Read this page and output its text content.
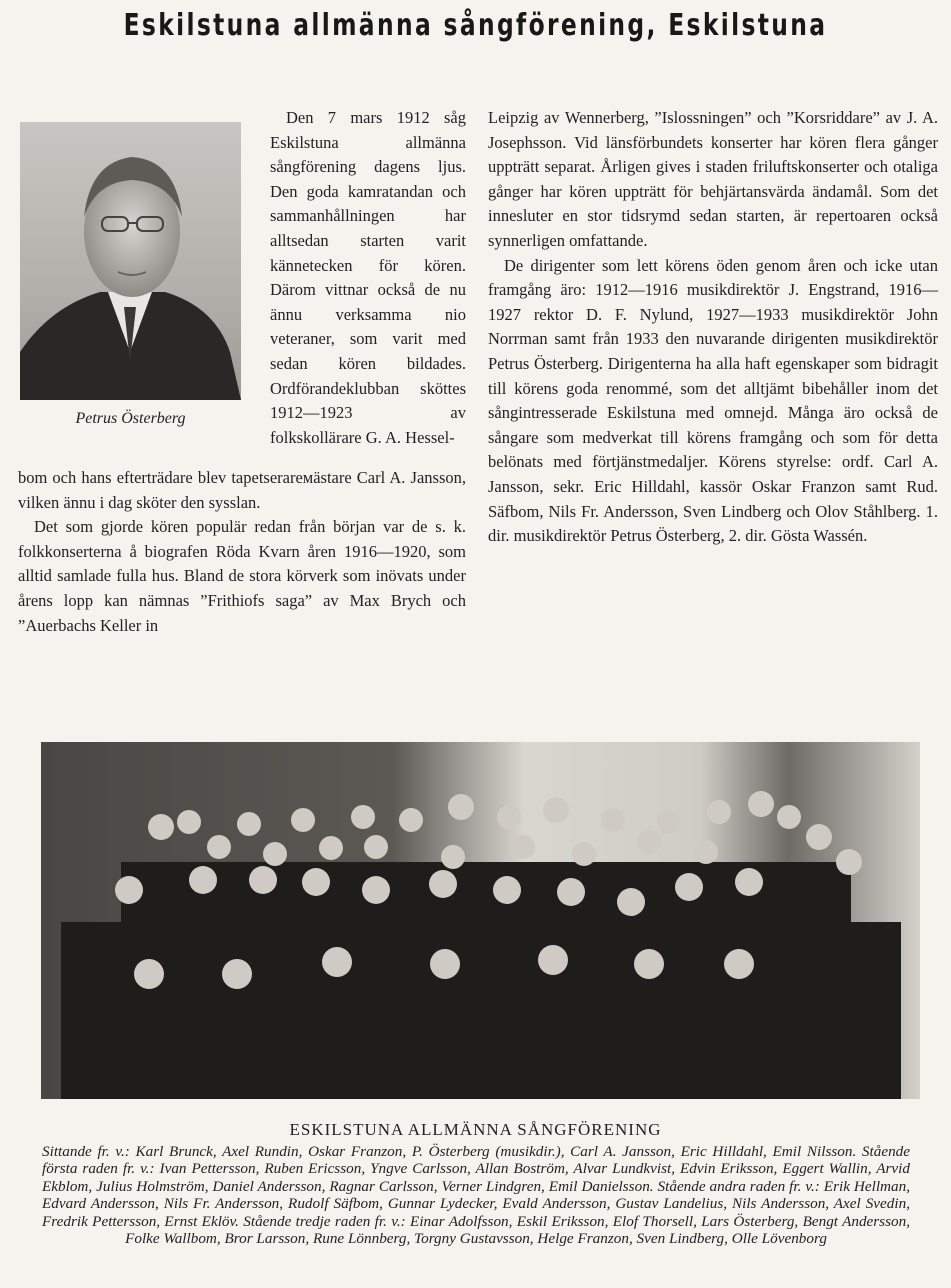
Eskilstuna allmänna sångförening, Eskilstuna
Petrus Österberg

Den 7 mars 1912 såg Eskilstuna allmänna sångförening dagens ljus. Den goda kamratandan och sammanhållningen har alltsedan starten varit kännetecken för kören. Därom vittnar också de nu ännu verksamma nio veteraner, som varit med sedan kören bildades. Ordförandeklubban sköttes 1912—1923 av folkskollärare G. A. Hessel-

bom och hans efterträdare blev tapetserarемästare Carl A. Jansson, vilken ännu i dag sköter den sysslan.

Det som gjorde kören populär redan från början var de s. k. folkkonserterna å biografen Röda Kvarn åren 1916—1920, som alltid samlade fulla hus. Bland de stora körverk som inövats under årens lopp kan nämnas ”Frithiofs saga” av Max Brych och ”Auerbachs Keller in

Leipzig av Wennerberg, ”Islossningen” och ”Korsriddare” av J. A. Josephsson. Vid länsförbundets konserter har kören flera gånger uppträtt separat. Årligen gives i staden friluftskonserter och otaliga gånger har kören uppträtt för behjärtansvärda ändamål. Som det innesluter en stor tidsrymd sedan starten, är repertoaren också synnerligen omfattande.

De dirigenter som lett körens öden genom åren och icke utan framgång äro: 1912—1916 musikdirektör J. Engstrand, 1916—1927 rektor D. F. Nylund, 1927—1933 musikdirektör John Norrman samt från 1933 den nuvarande dirigenten musikdirektör Petrus Österberg. Dirigenterna ha alla haft egenskaper som bidragit till körens goda renommé, som det alltjämt bibehåller inom det sångintresserade Eskilstuna med omnejd. Många äro också de sångare som medverkat till körens framgång och som för detta belönats med förtjänstmedaljer. Körens styrelse: ordf. Carl A. Jansson, sekr. Eric Hilldahl, kassör Oskar Franzon samt Rud. Säfbom, Nils Fr. Andersson, Sven Lindberg och Olov Ståhlberg. 1. dir. musikdirektör Petrus Österberg, 2. dir. Gösta Wassén.

ESKILSTUNA ALLMÄNNA SÅNGFÖRENING
Sittande fr. v.: Karl Brunck, Axel Rundin, Oskar Franzon, P. Österberg (musikdir.), Carl A. Jansson, Eric Hilldahl, Emil Nilsson. Stående första raden fr. v.: Ivan Pettersson, Ruben Ericsson, Yngve Carlsson, Allan Boström, Alvar Lundkvist, Edvin Eriksson, Eggert Wallin, Arvid Ekblom, Julius Holmström, Daniel Andersson, Ragnar Carlsson, Verner Lindgren, Emil Danielsson. Stående andra raden fr. v.: Erik Hellman, Edvard Andersson, Nils Fr. Andersson, Rudolf Säfbom, Gunnar Lydecker, Evald Andersson, Gustav Landelius, Nils Andersson, Axel Svedin, Fredrik Pettersson, Ernst Eklöv. Stående tredje raden fr. v.: Einar Adolfsson, Eskil Eriksson, Elof Thorsell, Lars Österberg, Bengt Andersson, Folke Wallbom, Bror Larsson, Rune Lönnberg, Torgny Gustavsson, Helge Franzon, Sven Lindberg, Olle Lövenborg
